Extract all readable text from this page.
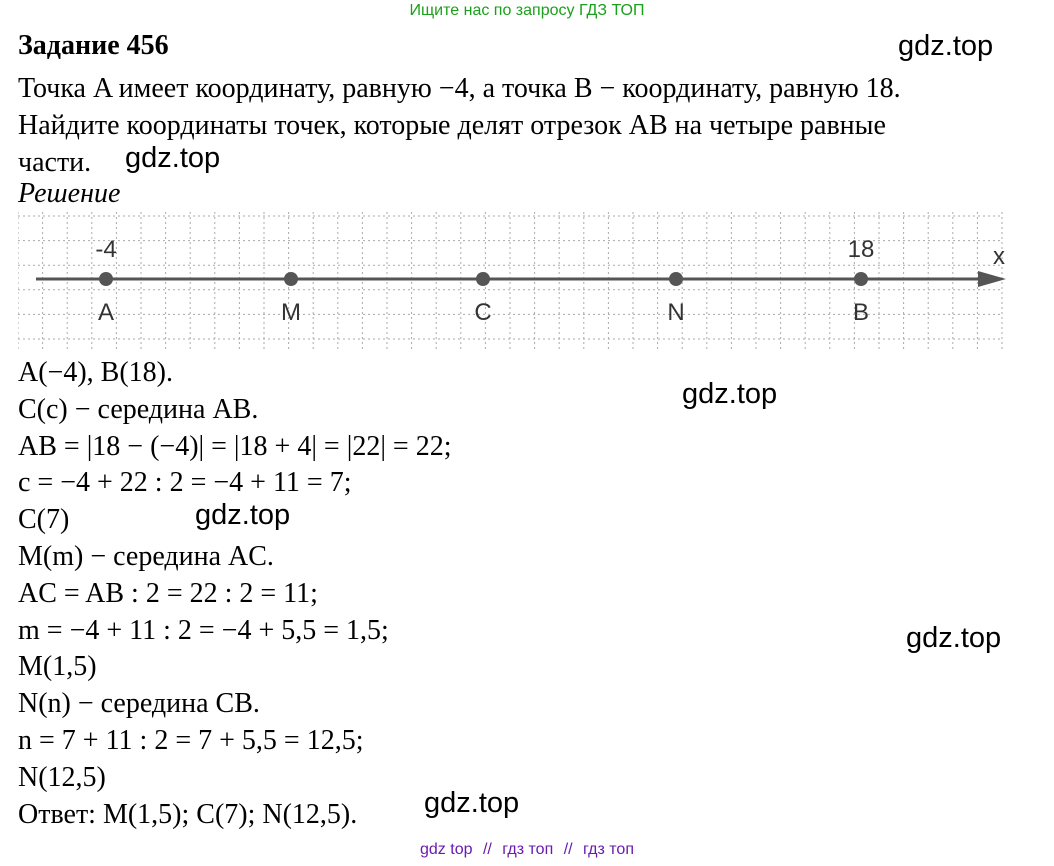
Ищите нас по запросу ГДЗ ТОП
Задание 456	gdz.top
Точка A имеет координату, равную −4, а точка B − координату, равную 18.
Найдите координаты точек, которые делят отрезок AB на четыре равные
части.	gdz.top
Решение
x
-4
A	M	C	N
18
B
A(−4), B(18).
C(c) − середина AB.
AB = |18 − (−4)| = |18 + 4| = |22| = 22;
c = −4 + 22 : 2 = −4 + 11 = 7;
C(7)
M(m) − середина AC.
AC = AB : 2 = 22 : 2 = 11;
m = −4 + 11 : 2 = −4 + 5,5 = 1,5;
M(1,5)
N(n) − середина CB.
n = 7 + 11 : 2 = 7 + 5,5 = 12,5;
N(12,5)
Ответ: M(1,5); C(7); N(12,5).
gdz.top
gdz.top
gdz.top
gdz.top
gdz top // гдз топ // гдз топ
